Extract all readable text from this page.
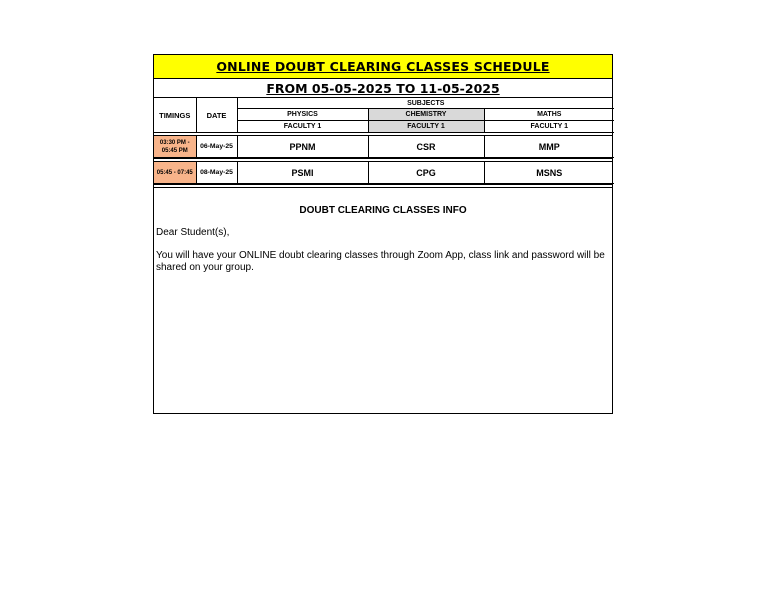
ONLINE DOUBT CLEARING CLASSES SCHEDULE
FROM 05-05-2025 TO 11-05-2025
TIMINGS	DATE	SUBJECTS		
		PHYSICS	CHEMISTRY	MATHS
		FACULTY 1	FACULTY 1	FACULTY 1
03:30 PM - 05:45 PM	06-May-25	PPNM	CSR	MMP
05:45 - 07:45	08-May-25	PSMI	CPG	MSNS
DOUBT CLEARING CLASSES INFO
Dear Student(s),
You will have your ONLINE doubt clearing classes through Zoom App, class link and password will be shared on your group.
